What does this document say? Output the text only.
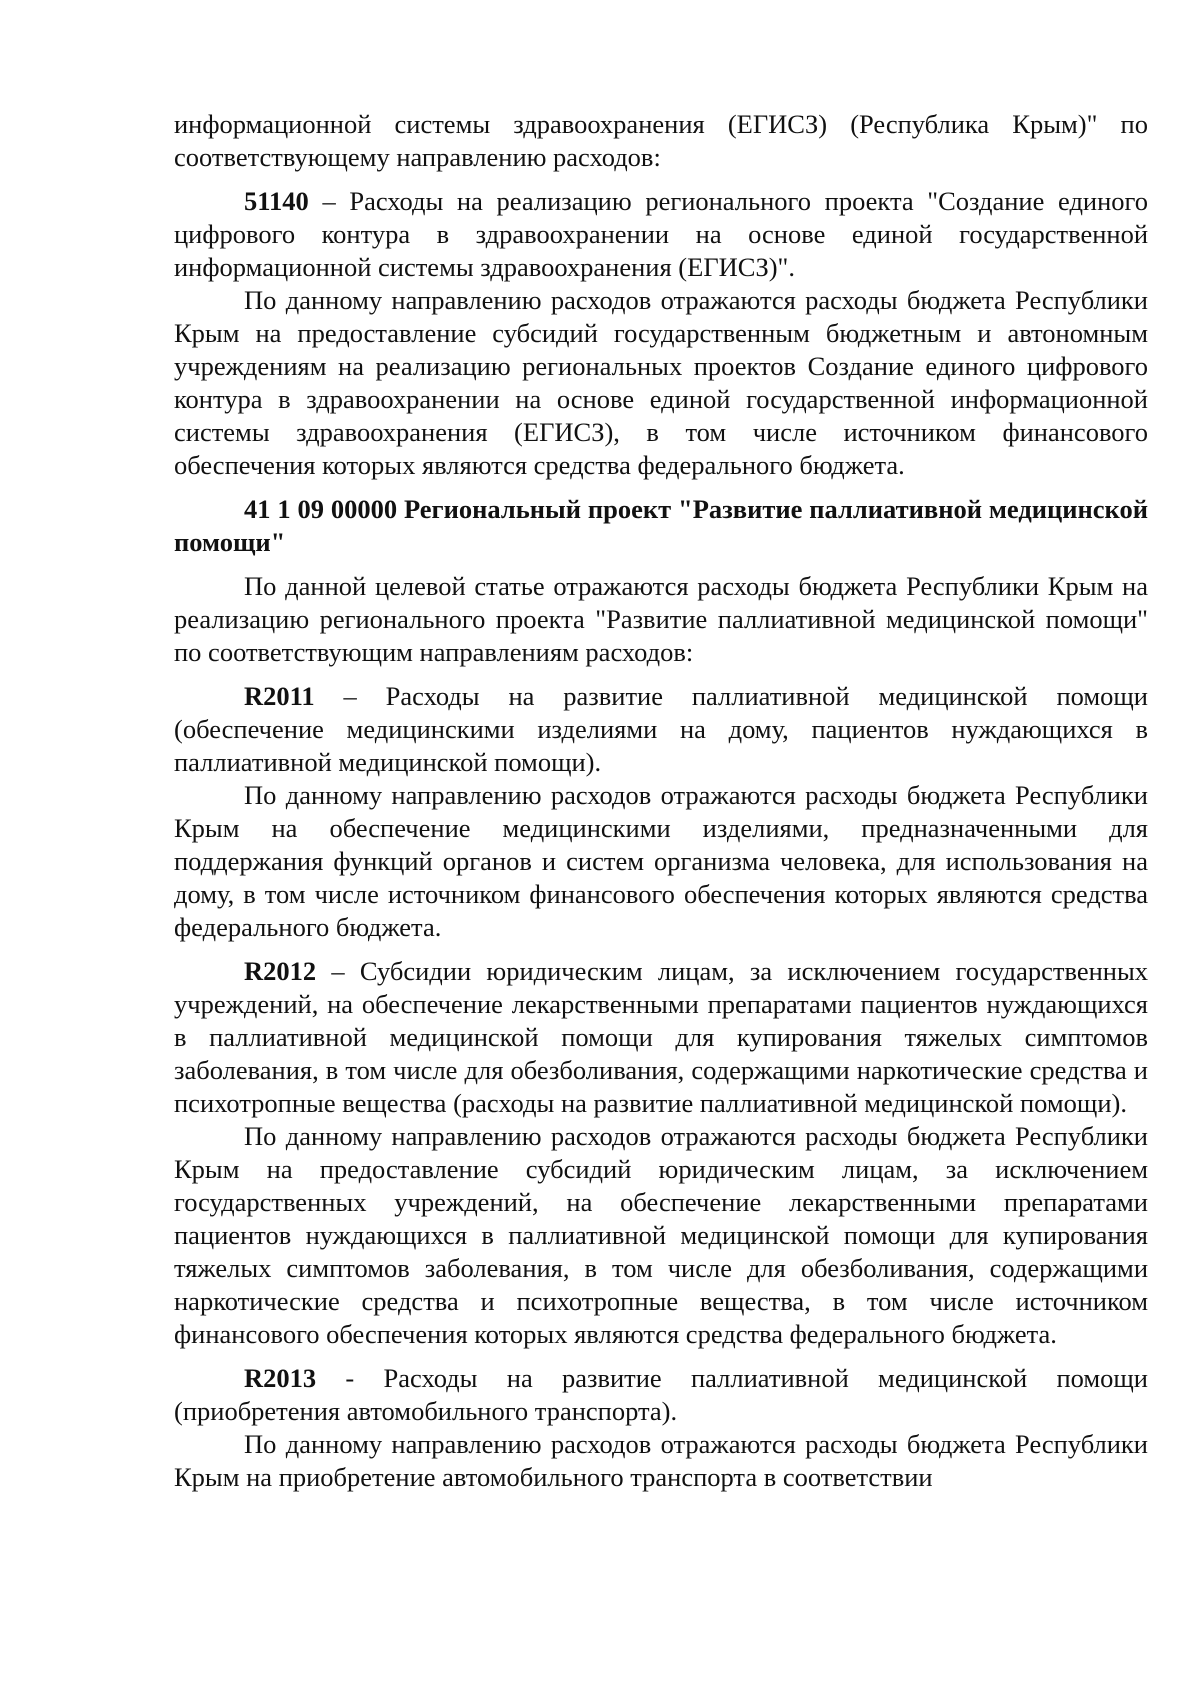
информационной системы здравоохранения (ЕГИСЗ) (Республика Крым)" по соответствующему направлению расходов:

51140 – Расходы на реализацию регионального проекта "Создание единого цифрового контура в здравоохранении на основе единой государственной информационной системы здравоохранения (ЕГИСЗ)".

По данному направлению расходов отражаются расходы бюджета Республики Крым на предоставление субсидий государственным бюджетным и автономным учреждениям на реализацию региональных проектов Создание единого цифрового контура в здравоохранении на основе единой государственной информационной системы здравоохранения (ЕГИСЗ), в том числе источником финансового обеспечения которых являются средства федерального бюджета.

41 1 09 00000 Региональный проект "Развитие паллиативной медицинской помощи"

По данной целевой статье отражаются расходы бюджета Республики Крым на реализацию регионального проекта "Развитие паллиативной медицинской помощи" по соответствующим направлениям расходов:

R2011 – Расходы на развитие паллиативной медицинской помощи (обеспечение медицинскими изделиями на дому, пациентов нуждающихся в паллиативной медицинской помощи).

По данному направлению расходов отражаются расходы бюджета Республики Крым на обеспечение медицинскими изделиями, предназначенными для поддержания функций органов и систем организма человека, для использования на дому, в том числе источником финансового обеспечения которых являются средства федерального бюджета.

R2012 – Субсидии юридическим лицам, за исключением государственных учреждений, на обеспечение лекарственными препаратами пациентов нуждающихся в паллиативной медицинской помощи для купирования тяжелых симптомов заболевания, в том числе для обезболивания, содержащими наркотические средства и психотропные вещества (расходы на развитие паллиативной медицинской помощи).

По данному направлению расходов отражаются расходы бюджета Республики Крым на предоставление субсидий юридическим лицам, за исключением государственных учреждений, на обеспечение лекарственными препаратами пациентов нуждающихся в паллиативной медицинской помощи для купирования тяжелых симптомов заболевания, в том числе для обезболивания, содержащими наркотические средства и психотропные вещества, в том числе источником финансового обеспечения которых являются средства федерального бюджета.

R2013 - Расходы на развитие паллиативной медицинской помощи (приобретения автомобильного транспорта).

По данному направлению расходов отражаются расходы бюджета Республики Крым на приобретение автомобильного транспорта в соответствии
